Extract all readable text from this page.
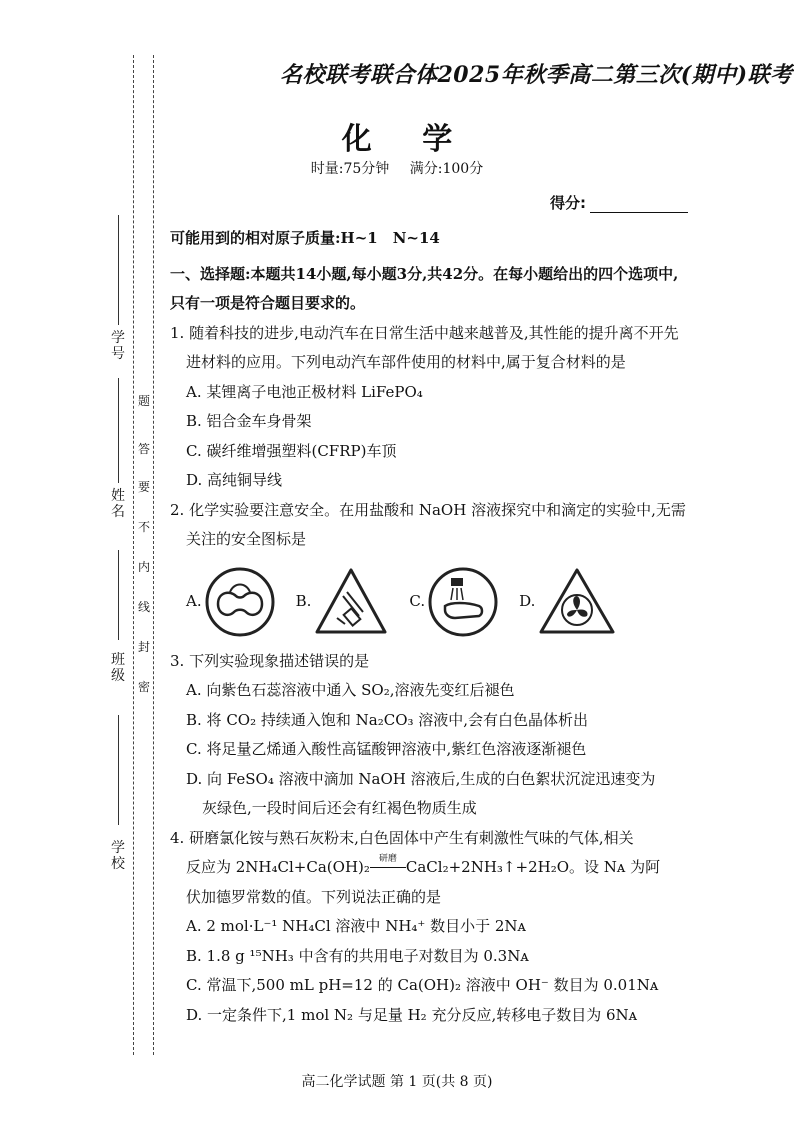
学号
姓名
班级
学校
题
答
要
不
内
线
封
密
名校联考联合体2025年秋季高二第三次(期中)联考
化 学
时量:75分钟 满分:100分
得分:

可能用到的相对原子质量:H~1　N~14

一、选择题:本题共14小题,每小题3分,共42分。在每小题给出的四个选项中,只有一项是符合题目要求的。

1. 随着科技的进步,电动汽车在日常生活中越来越普及,其性能的提升离不开先进材料的应用。下列电动汽车部件使用的材料中,属于复合材料的是

A. 某锂离子电池正极材料 LiFePO₄

B. 铝合金车身骨架

C. 碳纤维增强塑料(CFRP)车顶

D. 高纯铜导线

2. 化学实验要注意安全。在用盐酸和 NaOH 溶液探究中和滴定的实验中,无需关注的安全图标是

A.	B.	C.	D.

3. 下列实验现象描述错误的是

A. 向紫色石蕊溶液中通入 SO₂,溶液先变红后褪色

B. 将 CO₂ 持续通入饱和 Na₂CO₃ 溶液中,会有白色晶体析出

C. 将足量乙烯通入酸性高锰酸钾溶液中,紫红色溶液逐渐褪色

D. 向 FeSO₄ 溶液中滴加 NaOH 溶液后,生成的白色絮状沉淀迅速变为

灰绿色,一段时间后还会有红褐色物质生成

4. 研磨氯化铵与熟石灰粉末,白色固体中产生有刺激性气味的气体,相关

反应为 2NH₄Cl+Ca(OH)₂ 研磨 CaCl₂+2NH₃↑+2H₂O。设 Nᴀ 为阿

伏加德罗常数的值。下列说法正确的是

A. 2 mol·L⁻¹ NH₄Cl 溶液中 NH₄⁺ 数目小于 2Nᴀ

B. 1.8 g ¹⁵NH₃ 中含有的共用电子对数目为 0.3Nᴀ

C. 常温下,500 mL pH=12 的 Ca(OH)₂ 溶液中 OH⁻ 数目为 0.01Nᴀ

D. 一定条件下,1 mol N₂ 与足量 H₂ 充分反应,转移电子数目为 6Nᴀ

高二化学试题 第 1 页(共 8 页)
